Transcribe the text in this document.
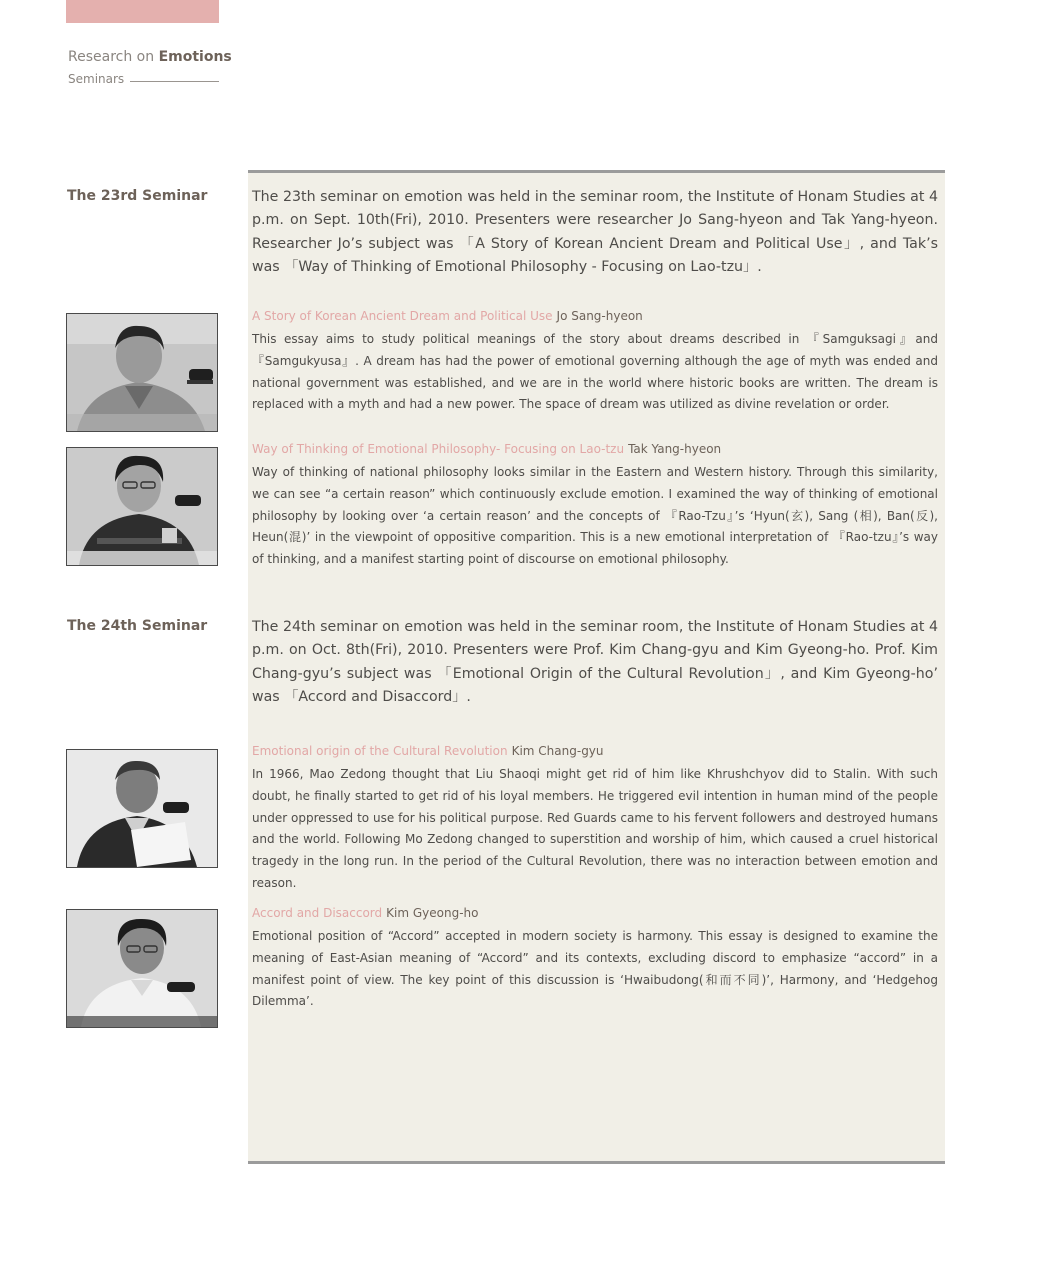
Research on Emotions
Seminars
The 23rd Seminar	The 23th seminar on emotion was held in the seminar room, the Institute of Honam Studies at 4 p.m. on Sept. 10th(Fri), 2010. Presenters were researcher Jo Sang-hyeon and Tak Yang-hyeon. Researcher Jo’s subject was 「A Story of Korean Ancient Dream and Political Use」, and Tak’s was 「Way of Thinking of Emotional Philosophy - Focusing on Lao-tzu」.
A Story of Korean Ancient Dream and Political Use Jo Sang-hyeon
This essay aims to study political meanings of the story about dreams described in 『Samguksagi』and 『Samgukyusa』. A dream has had the power of emotional governing although the age of myth was ended and national government was established, and we are in the world where historic books are written. The dream is replaced with a myth and had a new power. The space of dream was utilized as divine revelation or order.
Way of Thinking of Emotional Philosophy- Focusing on Lao-tzu Tak Yang-hyeon
Way of thinking of national philosophy looks similar in the Eastern and Western history. Through this similarity, we can see “a certain reason” which continuously exclude emotion. I examined the way of thinking of emotional philosophy by looking over ‘a certain reason’ and the concepts of 『Rao-Tzu』’s ‘Hyun(玄), Sang (相), Ban(反), Heun(混)’ in the viewpoint of oppositive comparition. This is a new emotional interpretation of 『Rao-tzu』’s way of thinking, and a manifest starting point of discourse on emotional philosophy.
The 24th Seminar	The 24th seminar on emotion was held in the seminar room, the Institute of Honam Studies at 4 p.m. on Oct. 8th(Fri), 2010. Presenters were Prof. Kim Chang-gyu and Kim Gyeong-ho. Prof. Kim Chang-gyu’s subject was 「Emotional Origin of the Cultural Revolution」, and Kim Gyeong-ho’ was 「Accord and Disaccord」.
Emotional origin of the Cultural Revolution Kim Chang-gyu
In 1966, Mao Zedong thought that Liu Shaoqi might get rid of him like Khrushchyov did to Stalin. With such doubt, he finally started to get rid of his loyal members. He triggered evil intention in human mind of the people under oppressed to use for his political purpose. Red Guards came to his fervent followers and destroyed humans and the world. Following Mo Zedong changed to superstition and worship of him, which caused a cruel historical tragedy in the long run. In the period of the Cultural Revolution, there was no interaction between emotion and reason.
Accord and Disaccord Kim Gyeong-ho
Emotional position of “Accord” accepted in modern society is harmony. This essay is designed to examine the meaning of East-Asian meaning of “Accord” and its contexts, excluding discord to emphasize “accord” in a manifest point of view. The key point of this discussion is ‘Hwaibudong(和而不同)’, Harmony, and ‘Hedgehog Dilemma’.
